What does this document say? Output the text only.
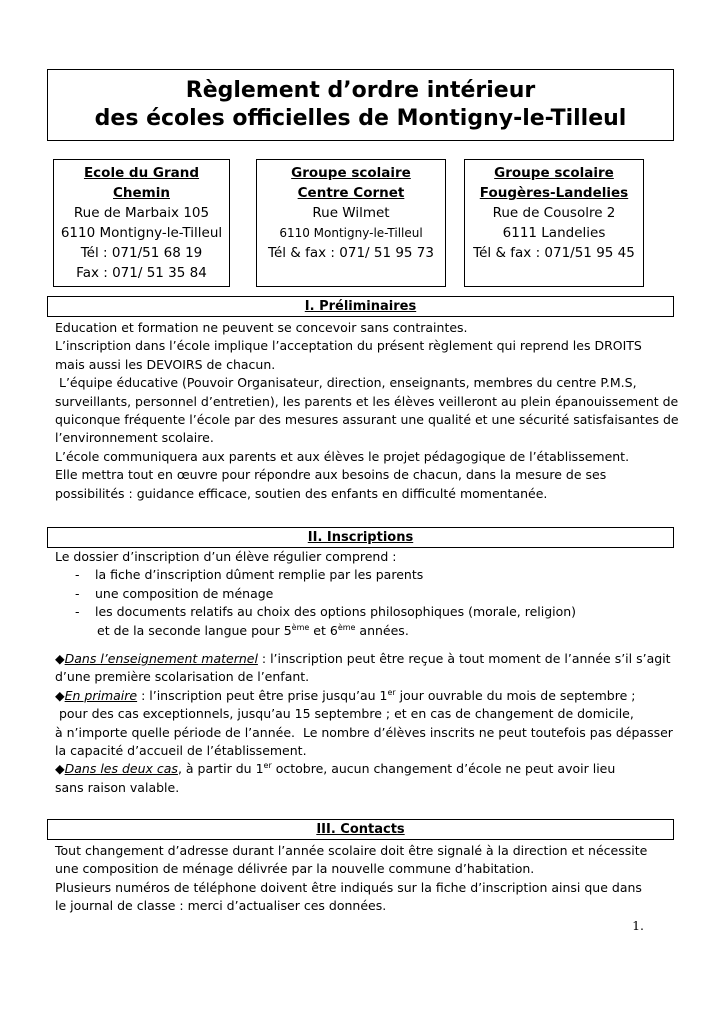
Règlement d’ordre intérieur
des écoles officielles de Montigny-le-Tilleul
Ecole du Grand Chemin
Rue de Marbaix 105
6110 Montigny-le-Tilleul
Tél : 071/51 68 19
Fax : 071/ 51 35 84
Groupe scolaire
Centre Cornet
Rue Wilmet
6110 Montigny-le-Tilleul
Tél & fax : 071/ 51 95 73
Groupe scolaire
Fougères-Landelies
Rue de Cousolre 2
6111 Landelies
Tél & fax : 071/51 95 45
I. Préliminaires

Education et formation ne peuvent se concevoir sans contraintes.

L’inscription dans l’école implique l’acceptation du présent règlement qui reprend les DROITS

mais aussi les DEVOIRS de chacun.

L’équipe éducative (Pouvoir Organisateur, direction, enseignants, membres du centre P.M.S,

surveillants, personnel d’entretien), les parents et les élèves veilleront au plein épanouissement de

quiconque fréquente l’école par des mesures assurant une qualité et une sécurité satisfaisantes de

l’environnement scolaire.

L’école communiquera aux parents et aux élèves le projet pédagogique de l’établissement.

Elle mettra tout en œuvre pour répondre aux besoins de chacun, dans la mesure de ses

possibilités : guidance efficace, soutien des enfants en difficulté momentanée.

II. Inscriptions

Le dossier d’inscription d’un élève régulier comprend :

- la fiche d’inscription dûment remplie par les parents

- une composition de ménage

- les documents relatifs au choix des options philosophiques (morale, religion)

et de la seconde langue pour 5ème et 6ème années.

◆Dans l’enseignement maternel : l’inscription peut être reçue à tout moment de l’année s’il s’agit

d’une première scolarisation de l’enfant.

◆En primaire : l’inscription peut être prise jusqu’au 1er jour ouvrable du mois de septembre ;

pour des cas exceptionnels, jusqu’au 15 septembre ; et en cas de changement de domicile,

à n’importe quelle période de l’année.  Le nombre d’élèves inscrits ne peut toutefois pas dépasser

la capacité d’accueil de l’établissement.

◆Dans les deux cas, à partir du 1er octobre, aucun changement d’école ne peut avoir lieu

sans raison valable.

III. Contacts

Tout changement d’adresse durant l’année scolaire doit être signalé à la direction et nécessite

une composition de ménage délivrée par la nouvelle commune d’habitation.

Plusieurs numéros de téléphone doivent être indiqués sur la fiche d’inscription ainsi que dans

le journal de classe : merci d’actualiser ces données.

1.
